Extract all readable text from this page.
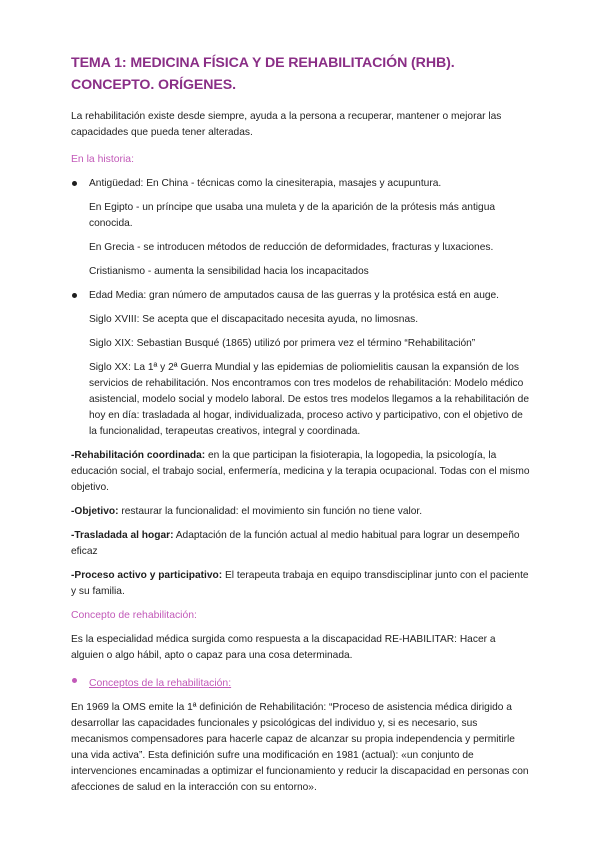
TEMA 1: MEDICINA FÍSICA Y DE REHABILITACIÓN (RHB). CONCEPTO. ORÍGENES.

La rehabilitación existe desde siempre, ayuda a la persona a recuperar, mantener o mejorar las capacidades que pueda tener alteradas.

En la historia:

Antigüedad: En China - técnicas como la cinesiterapia, masajes y acupuntura.

En Egipto - un príncipe que usaba una muleta y de la aparición de la prótesis más antigua conocida.

En Grecia - se introducen métodos de reducción de deformidades, fracturas y luxaciones.

Cristianismo - aumenta la sensibilidad hacia los incapacitados

Edad Media: gran número de amputados causa de las guerras y la protésica está en auge.

Siglo XVIII: Se acepta que el discapacitado necesita ayuda, no limosnas.

Siglo XIX: Sebastian Busqué (1865) utilizó por primera vez el término “Rehabilitación”

Siglo XX: La 1ª y 2ª Guerra Mundial y las epidemias de poliomielitis causan la expansión de los servicios de rehabilitación. Nos encontramos con tres modelos de rehabilitación: Modelo médico asistencial, modelo social y modelo laboral. De estos tres modelos llegamos a la rehabilitación de hoy en día: trasladada al hogar, individualizada, proceso activo y participativo, con el objetivo de la funcionalidad, terapeutas creativos, integral y coordinada.

-Rehabilitación coordinada: en la que participan la fisioterapia, la logopedia, la psicología, la educación social, el trabajo social, enfermería, medicina y la terapia ocupacional. Todas con el mismo objetivo.

-Objetivo: restaurar la funcionalidad: el movimiento sin función no tiene valor.

-Trasladada al hogar: Adaptación de la función actual al medio habitual para lograr un desempeño eficaz

-Proceso activo y participativo: El terapeuta trabaja en equipo transdisciplinar junto con el paciente y su familia.

Concepto de rehabilitación:

Es la especialidad médica surgida como respuesta a la discapacidad RE-HABILITAR: Hacer a alguien o algo hábil, apto o capaz para una cosa determinada.

Conceptos de la rehabilitación:

En 1969 la OMS emite la 1ª definición de Rehabilitación: “Proceso de asistencia médica dirigido a desarrollar las capacidades funcionales y psicológicas del individuo y, si es necesario, sus mecanismos compensadores para hacerle capaz de alcanzar su propia independencia y permitirle una vida activa”. Esta definición sufre una modificación en 1981 (actual): «un conjunto de intervenciones encaminadas a optimizar el funcionamiento y reducir la discapacidad en personas con afecciones de salud en la interacción con su entorno».
